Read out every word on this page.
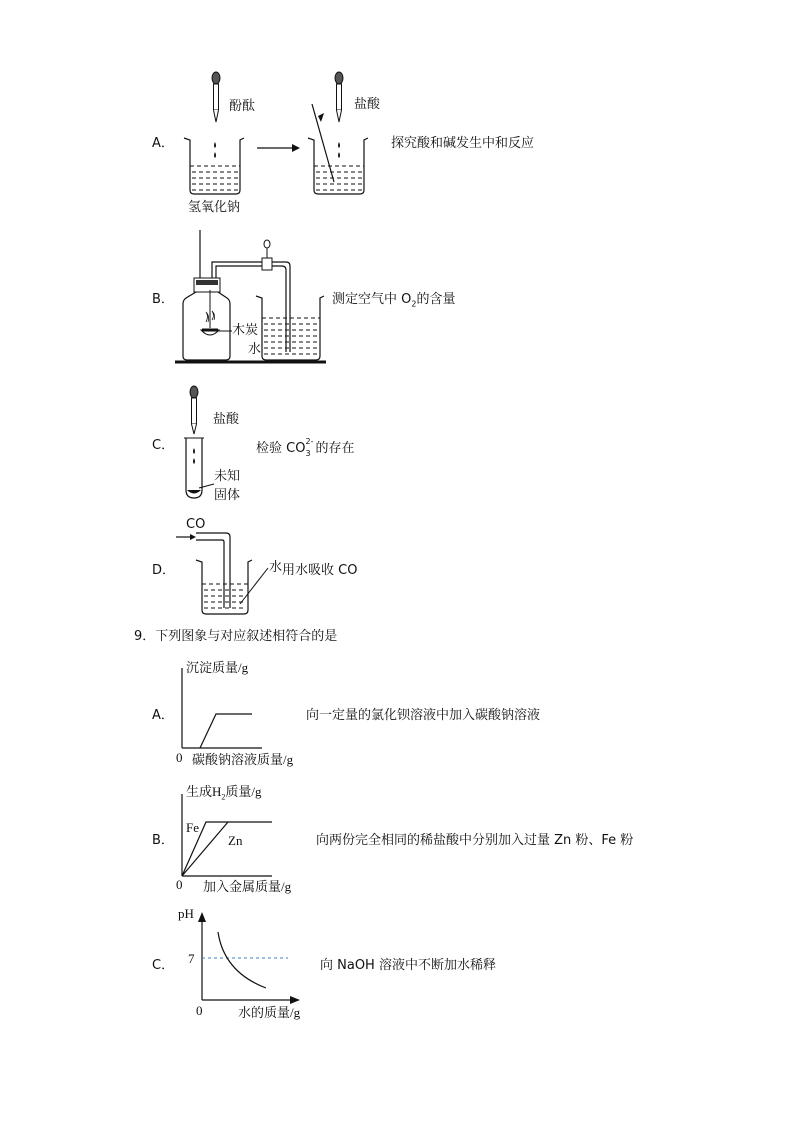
A．
酚酞
氢氧化钠
盐酸
探究酸和碱发生中和反应
B．
木炭
水
测定空气中 $O_2$的含量
C．
盐酸
未知
固体
检验 CO 2-
3 的存在
D．
CO
水 用水吸收 CO
9．下列图象与对应叙述相符合的是
A．
沉淀质量/g
0 碳酸钠溶液质量/g
向一定量的氯化钡溶液中加入碳酸钠溶液
B．
生成$H_2$质量/g
Fe
Zn
0 加入金属质量/g
向两份完全相同的稀盐酸中分别加入过量 Zn 粉、Fe 粉
C．
pH
7
0	水的质量/g
向 NaOH 溶液中不断加水稀释
